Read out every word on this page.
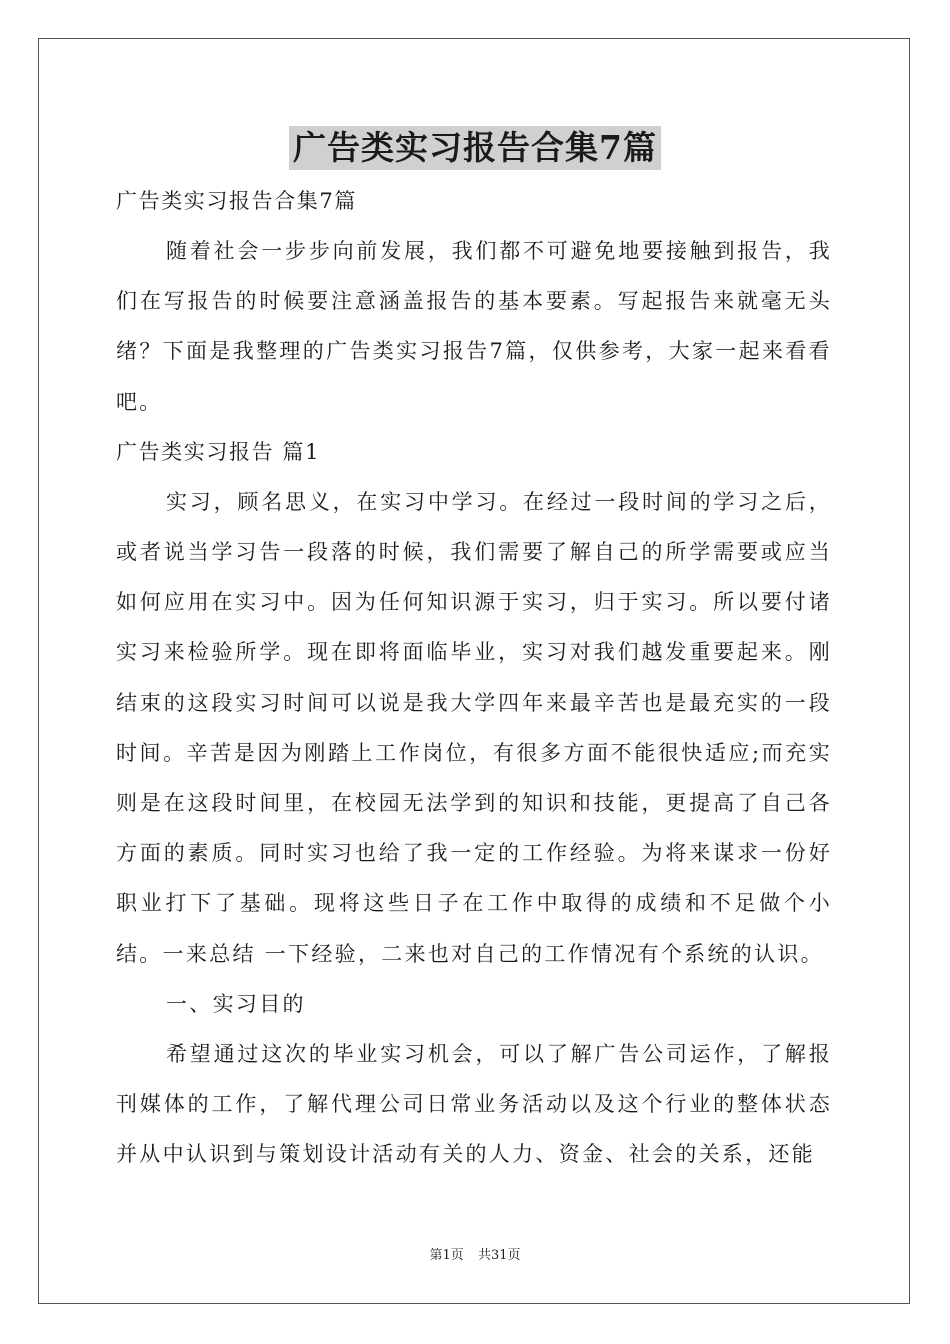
广告类实习报告合集7篇
广告类实习报告合集7篇

随着社会一步步向前发展，我们都不可避免地要接触到报告，我们在写报告的时候要注意涵盖报告的基本要素。写起报告来就毫无头绪？下面是我整理的广告类实习报告7篇，仅供参考，大家一起来看看吧。

广告类实习报告 篇1

实习，顾名思义，在实习中学习。在经过一段时间的学习之后，或者说当学习告一段落的时候，我们需要了解自己的所学需要或应当如何应用在实习中。因为任何知识源于实习，归于实习。所以要付诸实习来检验所学。现在即将面临毕业，实习对我们越发重要起来。刚结束的这段实习时间可以说是我大学四年来最辛苦也是最充实的一段时间。辛苦是因为刚踏上工作岗位，有很多方面不能很快适应;而充实则是在这段时间里，在校园无法学到的知识和技能，更提高了自己各方面的素质。同时实习也给了我一定的工作经验。为将来谋求一份好职业打下了基础。现将这些日子在工作中取得的成绩和不足做个小结。一来总结 一下经验，二来也对自己的工作情况有个系统的认识。

一、实习目的

希望通过这次的毕业实习机会，可以了解广告公司运作，了解报刊媒体的工作，了解代理公司日常业务活动以及这个行业的整体状态并从中认识到与策划设计活动有关的人力、资金、社会的关系，还能

第1页 共31页
